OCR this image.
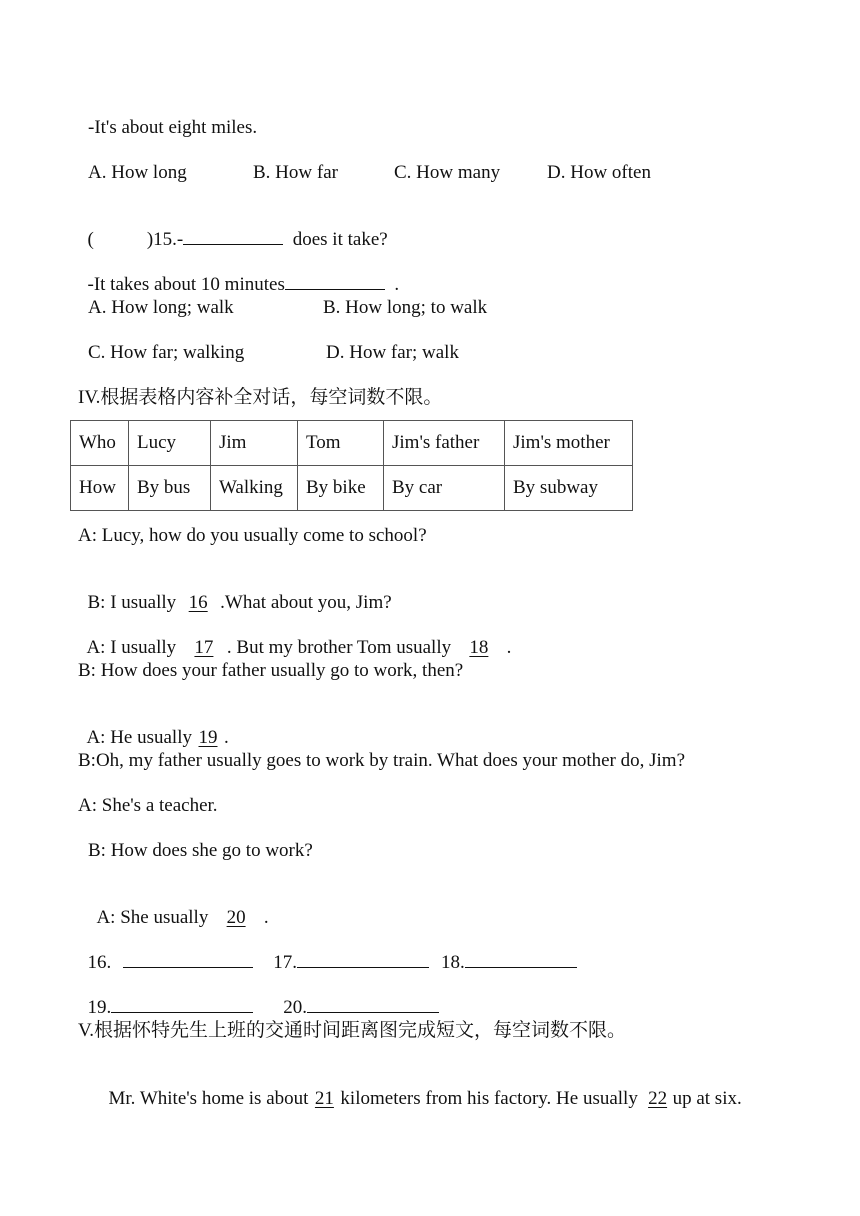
-It's about eight miles.
A. How long	B. How far	C. How many D. How often

(	)15.-	does it take?

-It takes about 10 minutes	.

A. How long; walk	B. How long; to walk
C. How far; walking	D. How far; walk
IV.根据表格内容补全对话，每空词数不限。
Who	Lucy	Jim	Tom	Jim's father	Jim's mother
How	By bus	Walking	By bike	By car	By subway
A: Lucy, how do you usually come to school?

B: I usually 16 .What about you, Jim?

A: I usually 17 . But my brother Tom usually 18 .

B: How does your father usually go to work, then?

A: He usually 19 .

B:Oh, my father usually goes to work by train. What does your mother do, Jim?
A: She's a teacher.
B: How does she go to work?

A: She usually 20 .

16.	17.	18.

19.	20.

V.根据怀特先生上班的交通时间距离图完成短文，每空词数不限。

Mr. White's home is about 21 kilometers from his factory. He usually 22 up at six.
